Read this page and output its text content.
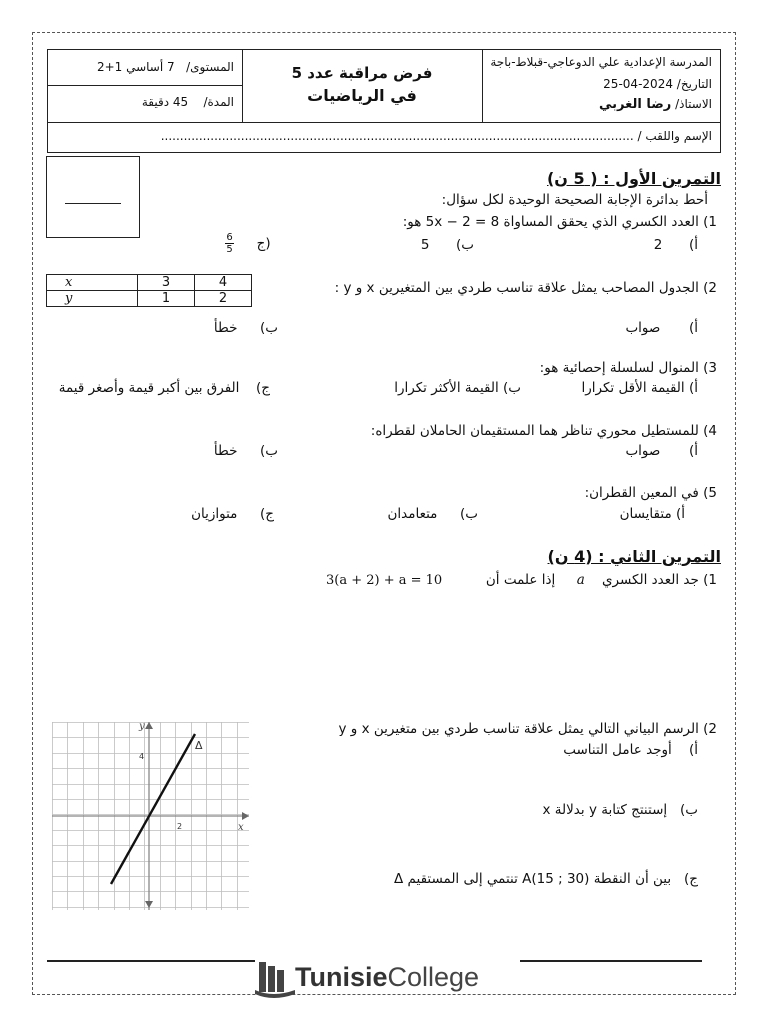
المدرسة الإعدادية علي الدوعاجي-قبلاط-باجة
التاريخ/ 2024-04-25
الاستاذ/ رضا الغربي
فرض مراقبة عدد 5
في الرياضيات
المستوى/   7 أساسي 1+2
المدة/    45 دقيقة
الإسم واللقب / ............................................................................................................................
التمرين الأول : ( 5 ن)
أحط بدائرة الإجابة الصحيحة الوحيدة لكل سؤال:
1) العدد الكسري الذي يحقق المساواة 8 = 2 − 5x هو:
أ)  2
ب)  5
$\frac{6}{5}$ ج)
x	3	4
y	1	2
2) الجدول المصاحب يمثل علاقة تناسب طردي بين المتغيرين x و y :
أ)  صواب
ب)  خطأ
3) المنوال لسلسلة إحصائية هو:
أ) القيمة الأقل تكرارا
ب) القيمة الأكثر تكرارا
ج)  الفرق بين أكبر قيمة وأصغر قيمة
4) للمستطيل محوري تناظر هما المستقيمان الحاملان لقطراه:
أ)  صواب
ب)  خطأ
5) في المعين القطران:
أ) متقايسان
ب)  متعامدان
ج)  متوازيان
التمرين الثاني : (4 ن)
1) جد العدد الكسري    a     إذا علمت أن
3(a + 2) + a = 10
2) الرسم البياني التالي يمثل علاقة تناسب طردي بين متغيرين x و y
أ)    أوجد عامل التناسب
ب)   إستنتج كتابة y بدلالة x
ج)   بين أن النقطة A(15 ; 30) تنتمي إلى المستقيم Δ
x
y
Δ
2
4
TunisieCollege
